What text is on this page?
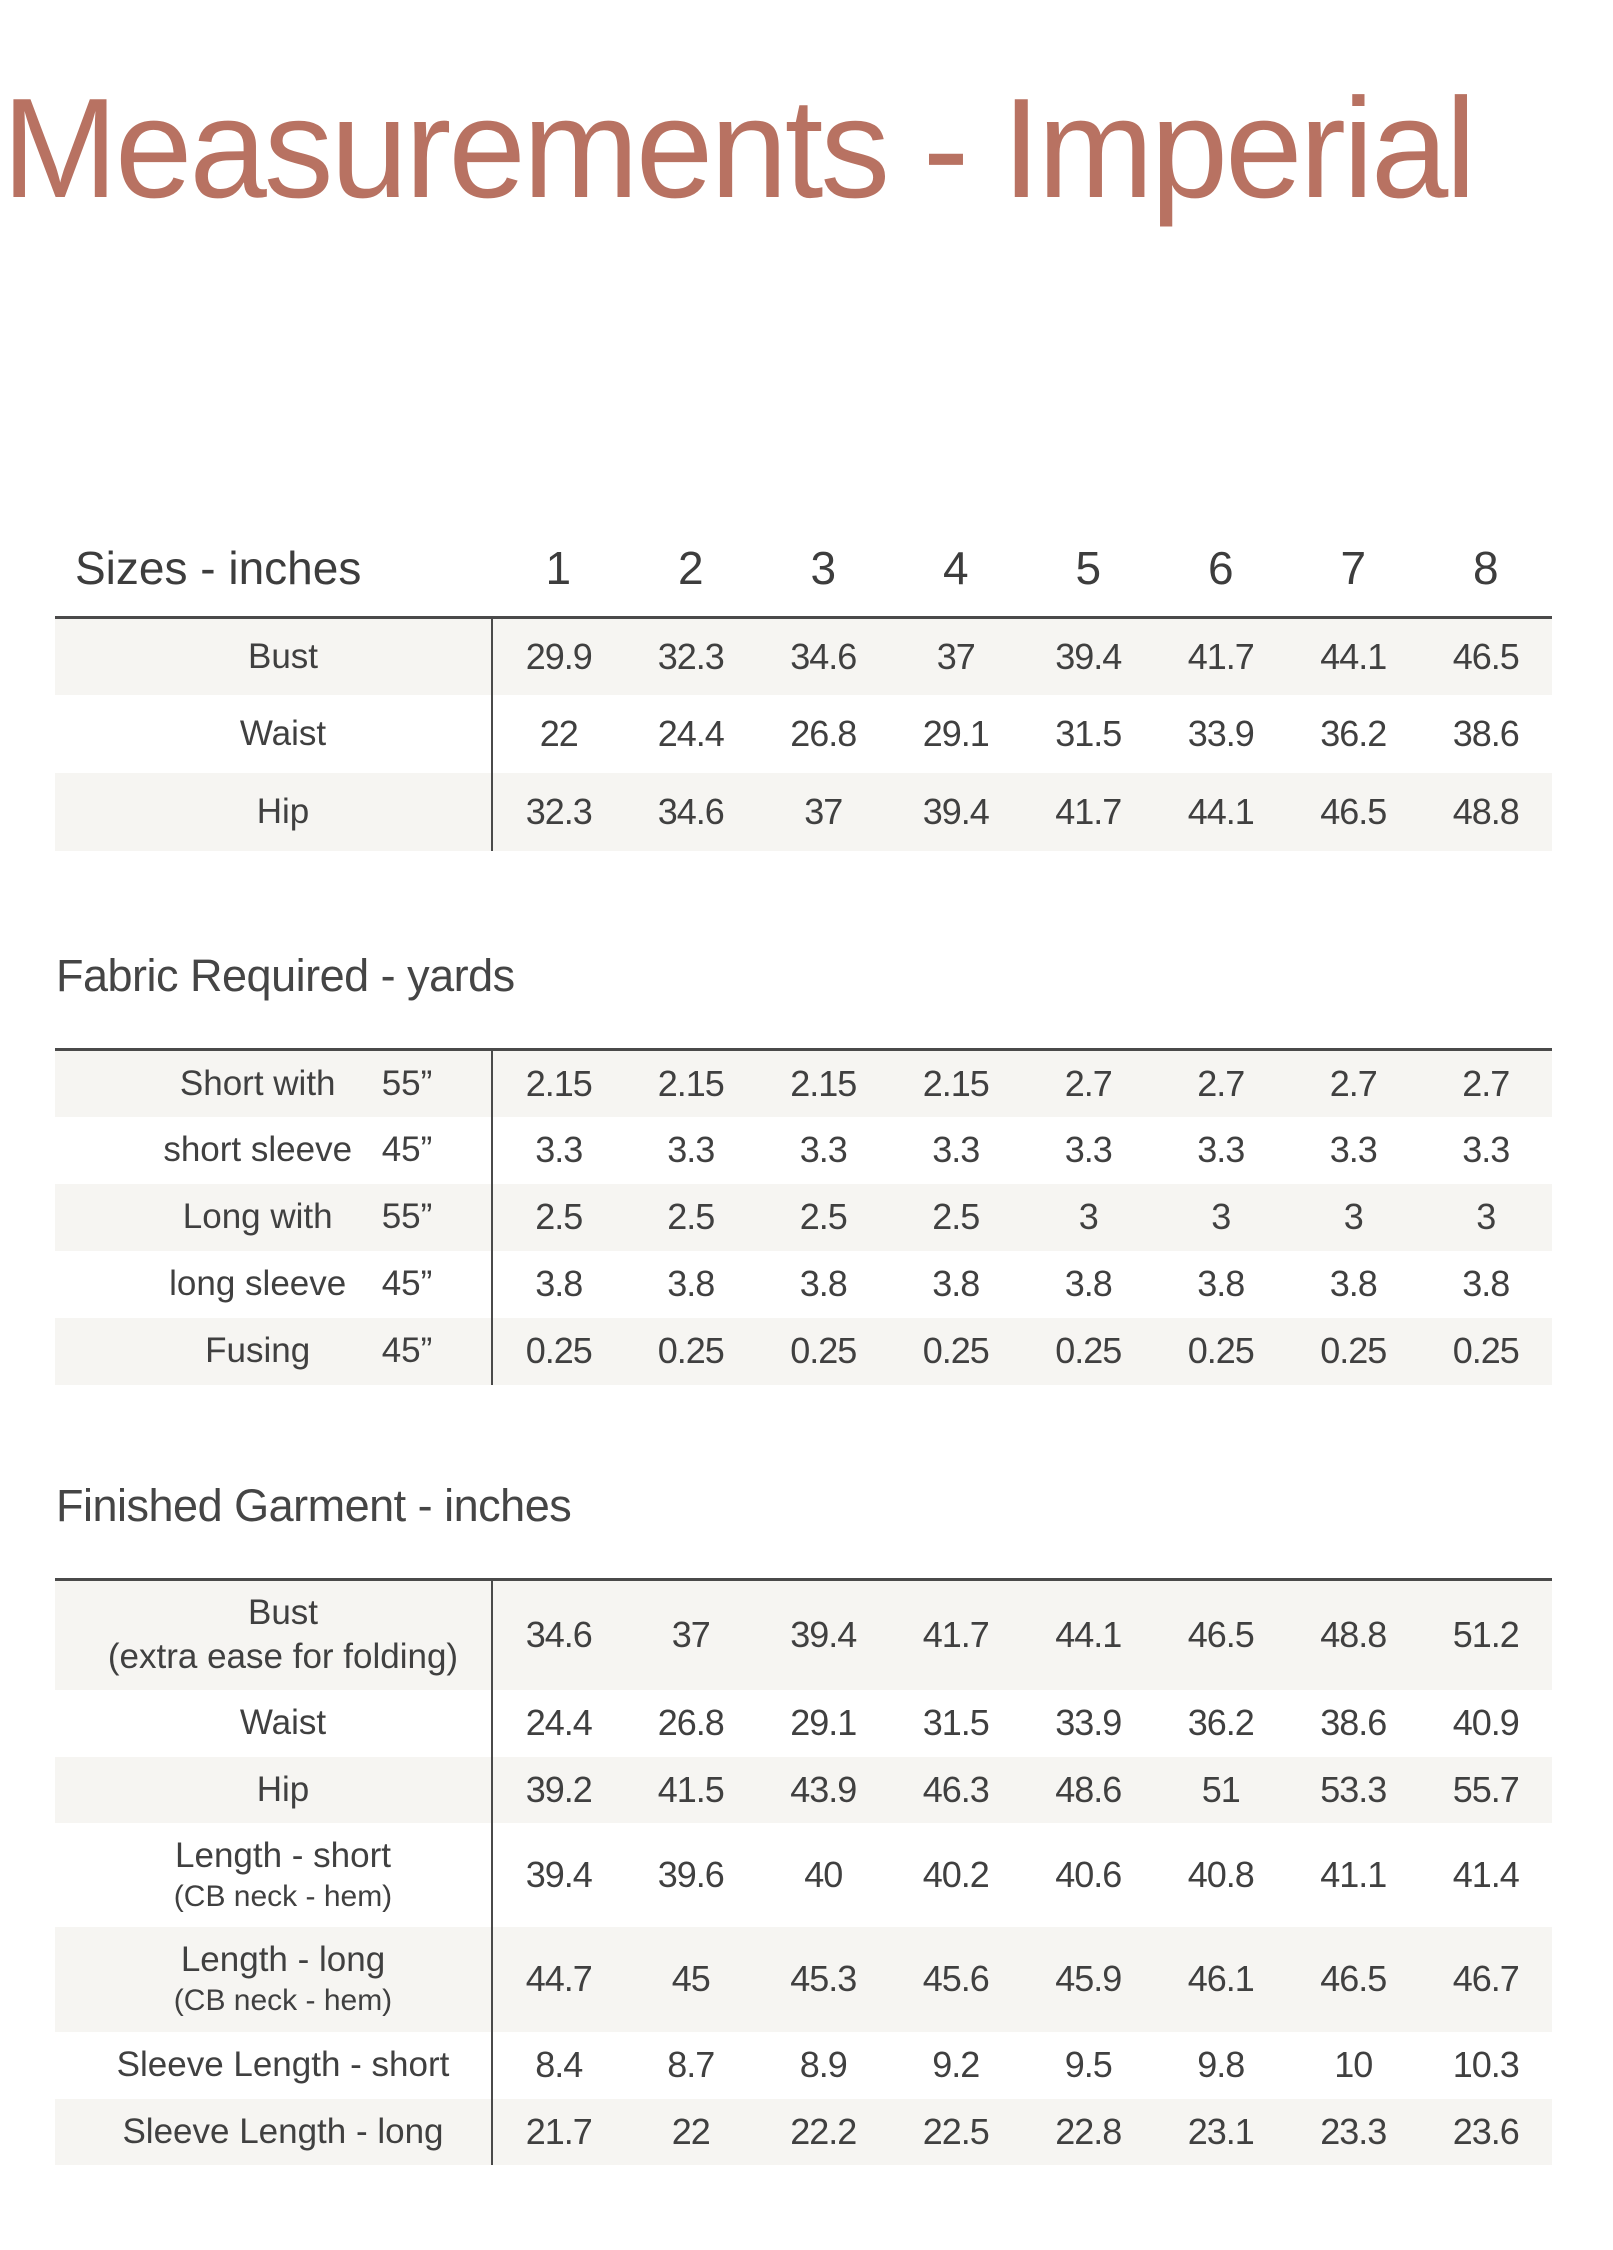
Measurements - Imperial
Sizes - inches	1	2	3	4	5	6	7	8
Bust	29.9	32.3	34.6	37	39.4	41.7	44.1	46.5
Waist	22	24.4	26.8	29.1	31.5	33.9	36.2	38.6
Hip	32.3	34.6	37	39.4	41.7	44.1	46.5	48.8
Fabric Required - yards
Short with 55”	2.15	2.15	2.15	2.15	2.7	2.7	2.7	2.7
short sleeve 45”	3.3	3.3	3.3	3.3	3.3	3.3	3.3	3.3
Long with 55”	2.5	2.5	2.5	2.5	3	3	3	3
long sleeve 45”	3.8	3.8	3.8	3.8	3.8	3.8	3.8	3.8
Fusing 45”	0.25	0.25	0.25	0.25	0.25	0.25	0.25	0.25
Finished Garment - inches
Bust
(extra ease for folding)	34.6	37	39.4	41.7	44.1	46.5	48.8	51.2
Waist	24.4	26.8	29.1	31.5	33.9	36.2	38.6	40.9
Hip	39.2	41.5	43.9	46.3	48.6	51	53.3	55.7

Length - short
(CB neck - hem)	39.4	39.6	40	40.2	40.6	40.8	41.1	41.4

Length - long
(CB neck - hem)	44.7	45	45.3	45.6	45.9	46.1	46.5	46.7
Sleeve Length - short	8.4	8.7	8.9	9.2	9.5	9.8	10	10.3
Sleeve Length - long	21.7	22	22.2	22.5	22.8	23.1	23.3	23.6
